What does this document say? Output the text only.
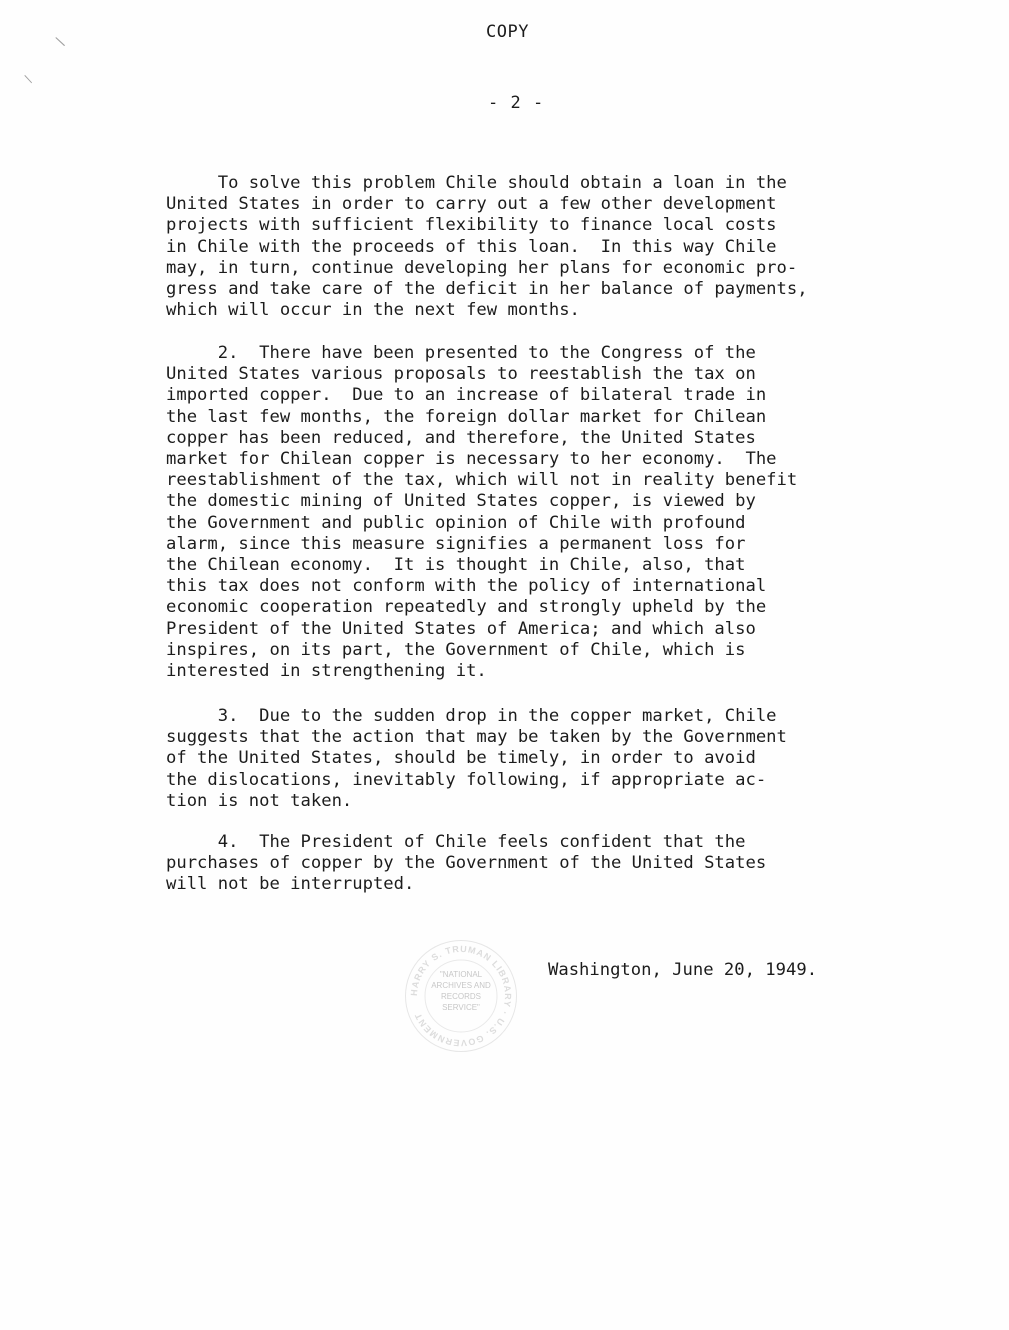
COPY
- 2 -
\
/
To solve this problem Chile should obtain a loan in the
United States in order to carry out a few other development
projects with sufficient flexibility to finance local costs
in Chile with the proceeds of this loan.  In this way Chile
may, in turn, continue developing her plans for economic pro-
gress and take care of the deficit in her balance of payments,
which will occur in the next few months.
2.  There have been presented to the Congress of the
United States various proposals to reestablish the tax on
imported copper.  Due to an increase of bilateral trade in
the last few months, the foreign dollar market for Chilean
copper has been reduced, and therefore, the United States
market for Chilean copper is necessary to her economy.  The
reestablishment of the tax, which will not in reality benefit
the domestic mining of United States copper, is viewed by
the Government and public opinion of Chile with profound
alarm, since this measure signifies a permanent loss for
the Chilean economy.  It is thought in Chile, also, that
this tax does not conform with the policy of international
economic cooperation repeatedly and strongly upheld by the
President of the United States of America; and which also
inspires, on its part, the Government of Chile, which is
interested in strengthening it.
3.  Due to the sudden drop in the copper market, Chile
suggests that the action that may be taken by the Government
of the United States, should be timely, in order to avoid
the dislocations, inevitably following, if appropriate ac-
tion is not taken.
4.  The President of Chile feels confident that the
purchases of copper by the Government of the United States
will not be interrupted.
HARRY S. TRUMAN LIBRARY · U.S. GOVERNMENT
"NATIONAL
ARCHIVES AND
RECORDS
SERVICE"
Washington, June 20, 1949.
